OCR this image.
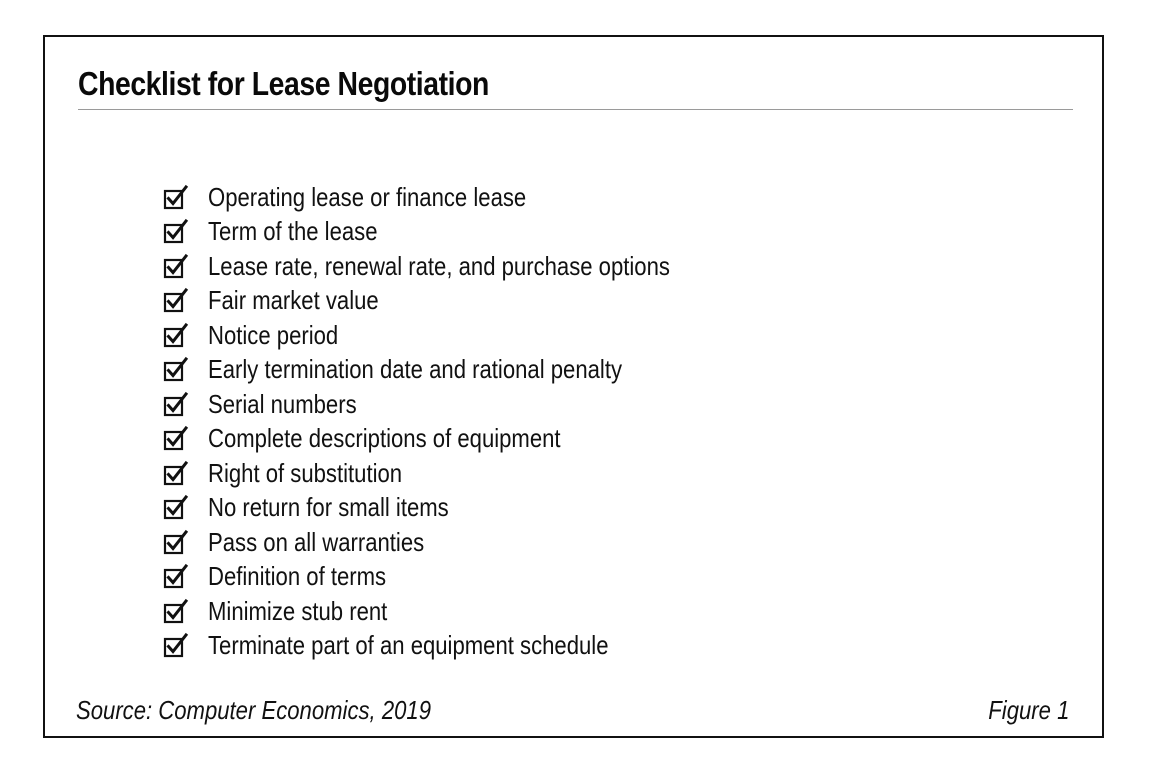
Checklist for Lease Negotiation
Operating lease or finance lease
Term of the lease
Lease rate, renewal rate, and purchase options
Fair market value
Notice period
Early termination date and rational penalty
Serial numbers
Complete descriptions of equipment
Right of substitution
No return for small items
Pass on all warranties
Definition of terms
Minimize stub rent
Terminate part of an equipment schedule
Source: Computer Economics, 2019	Figure 1
